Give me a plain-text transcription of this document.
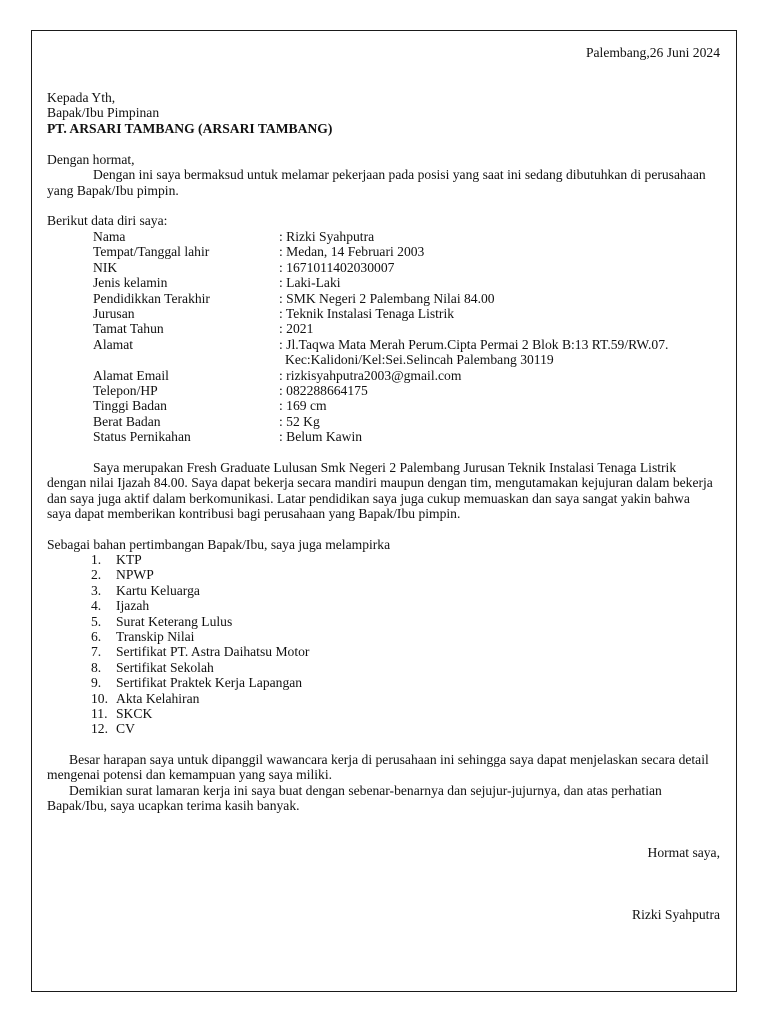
Palembang,26 Juni 2024
Kepada Yth,
Bapak/Ibu Pimpinan
PT. ARSARI TAMBANG (ARSARI TAMBANG)
Dengan hormat,
Dengan ini saya bermaksud untuk melamar pekerjaan pada posisi yang saat ini sedang dibutuhkan di perusahaan yang Bapak/Ibu pimpin.
Berikut data diri saya:
Nama	: Rizki Syahputra
Tempat/Tanggal lahir	: Medan, 14 Februari 2003
NIK	: 1671011402030007
Jenis kelamin	: Laki-Laki
Pendidikkan Terakhir	: SMK Negeri 2 Palembang Nilai 84.00
Jurusan	: Teknik Instalasi Tenaga Listrik
Tamat Tahun	: 2021
Alamat	: Jl.Taqwa Mata Merah Perum.Cipta Permai 2 Blok B:13 RT.59/RW.07.
Kec:Kalidoni/Kel:Sei.Selincah Palembang 30119

Alamat Email	: rizkisyahputra2003@gmail.com
Telepon/HP	: 082288664175
Tinggi Badan	: 169 cm
Berat Badan	: 52 Kg
Status Pernikahan	: Belum Kawin
Saya merupakan Fresh Graduate Lulusan Smk Negeri 2 Palembang Jurusan Teknik Instalasi Tenaga Listrik dengan nilai Ijazah 84.00. Saya dapat bekerja secara mandiri maupun dengan tim, mengutamakan kejujuran dalam bekerja dan saya juga aktif dalam berkomunikasi. Latar pendidikan saya juga cukup memuaskan dan saya sangat yakin bahwa saya dapat memberikan kontribusi bagi perusahaan yang Bapak/Ibu pimpin.
Sebagai bahan pertimbangan Bapak/Ibu, saya juga melampirka
1. KTP
2. NPWP
3. Kartu Keluarga
4. Ijazah
5. Surat Keterang Lulus
6. Transkip Nilai
7. Sertifikat PT. Astra Daihatsu Motor
8. Sertifikat Sekolah
9. Sertifikat Praktek Kerja Lapangan
10. Akta Kelahiran
11. SKCK
12. CV
Besar harapan saya untuk dipanggil wawancara kerja di perusahaan ini sehingga saya dapat menjelaskan secara detail mengenai potensi dan kemampuan yang saya miliki.
Demikian surat lamaran kerja ini saya buat dengan sebenar-benarnya dan sejujur-jujurnya, dan atas perhatian Bapak/Ibu, saya ucapkan terima kasih banyak.
Hormat saya,
Rizki Syahputra
